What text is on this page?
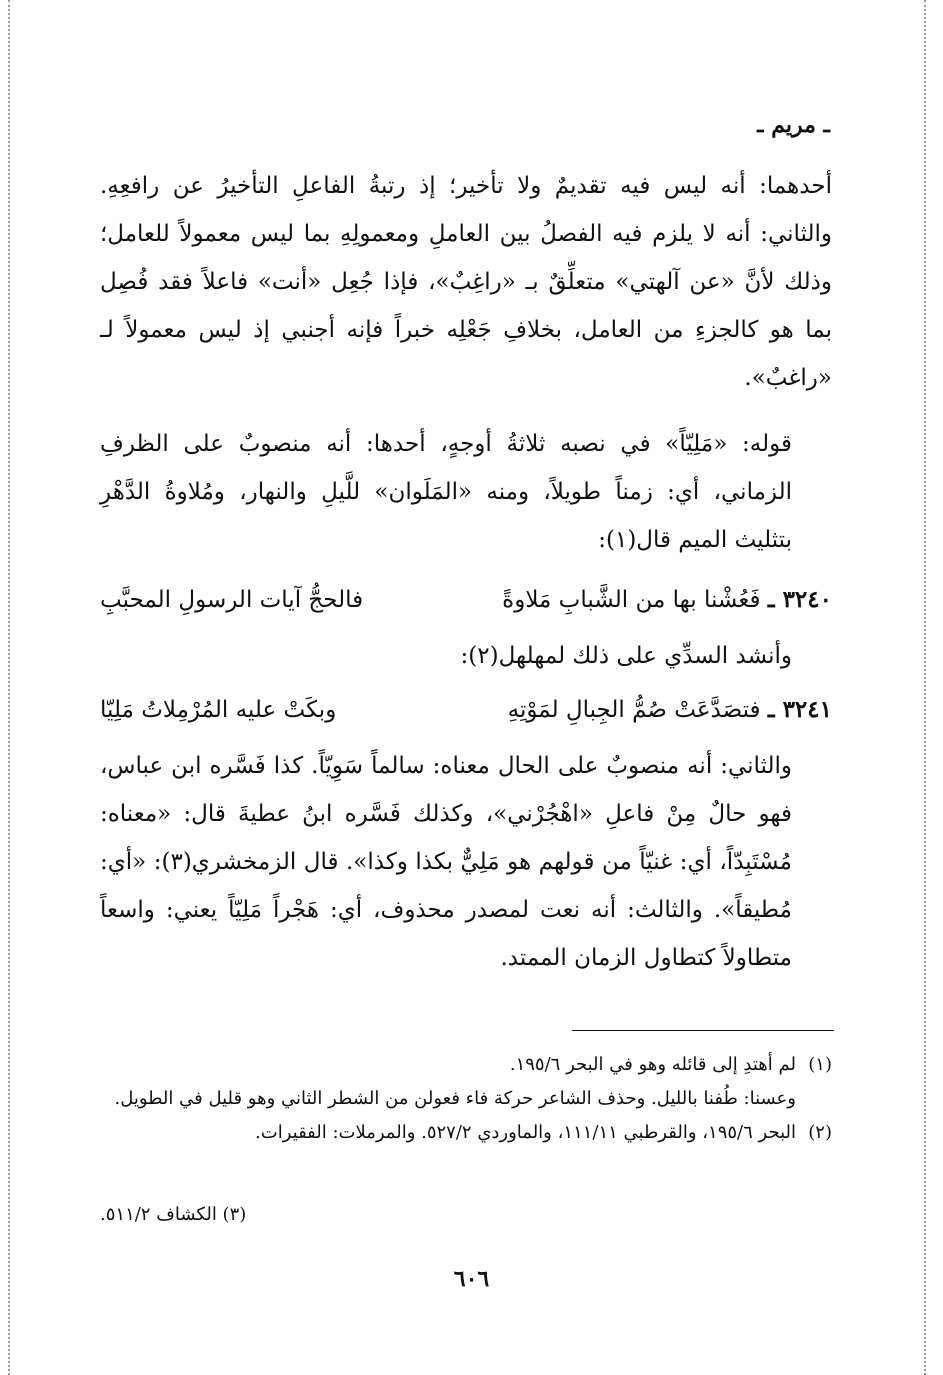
ـ مريم ـ
أحدهما: أنه ليس فيه تقديمٌ ولا تأخير؛ إذ رتبةُ الفاعلِ التأخيرُ عن رافعِهِ. والثاني: أنه لا يلزم فيه الفصلُ بين العاملِ ومعمولِهِ بما ليس معمولاً للعامل؛ وذلك لأنَّ «عن آلهتي» متعلِّقٌ بـ «راغِبٌ»، فإذا جُعِل «أنت» فاعلاً فقد فُصِل بما هو كالجزءِ من العامل، بخلافِ جَعْلِه خبراً فإنه أجنبي إذ ليس معمولاً لـ «راغبٌ».
قوله: «مَلِيّاً» في نصبه ثلاثةُ أوجهٍ، أحدها: أنه منصوبٌ على الظرفِ الزماني، أي: زمناً طويلاً، ومنه «المَلَوان» للَّيلِ والنهار، ومُلاوةُ الدَّهْرِ بتثليث الميم قال(١):
٣٢٤٠ ـ فَعُشْنا بها من الشَّبابِ مَلاوةً
فالحجُّ آيات الرسولِ المحبَّبِ
وأنشد السدِّي على ذلك لمهلهل(٢):
٣٢٤١ ـ فتصَدَّعَتْ صُمُّ الجِبالِ لمَوْتِهِ
وبكَتْ عليه المُرْمِلاتُ مَلِيّا
والثاني: أنه منصوبٌ على الحال معناه: سالماً سَوِيّاً. كذا فَسَّره ابن عباس، فهو حالٌ مِنْ فاعلِ «اهْجُرْني»، وكذلك فَسَّره ابنُ عطيةَ قال: «معناه: مُسْتَبِدّاً، أي: غنيّاً من قولهم هو مَلِيٌّ بكذا وكذا». قال الزمخشري(٣): «أي: مُطيقاً». والثالث: أنه نعت لمصدر محذوف، أي: هَجْراً مَلِيّاً يعني: واسعاً متطاولاً كتطاول الزمان الممتد.

(١)لم أهتدِ إلى قائله وهو في البحر ١٩٥/٦.

وعسنا: طُفنا بالليل. وحذف الشاعر حركة فاء فعولن من الشطر الثاني وهو قليل في الطويل.

(٢)البحر ١٩٥/٦، والقرطبي ١١١/١١، والماوردي ٥٢٧/٢. والمرملات: الفقيرات.

(٣) الكشاف ٥١١/٢.
٦٠٦
